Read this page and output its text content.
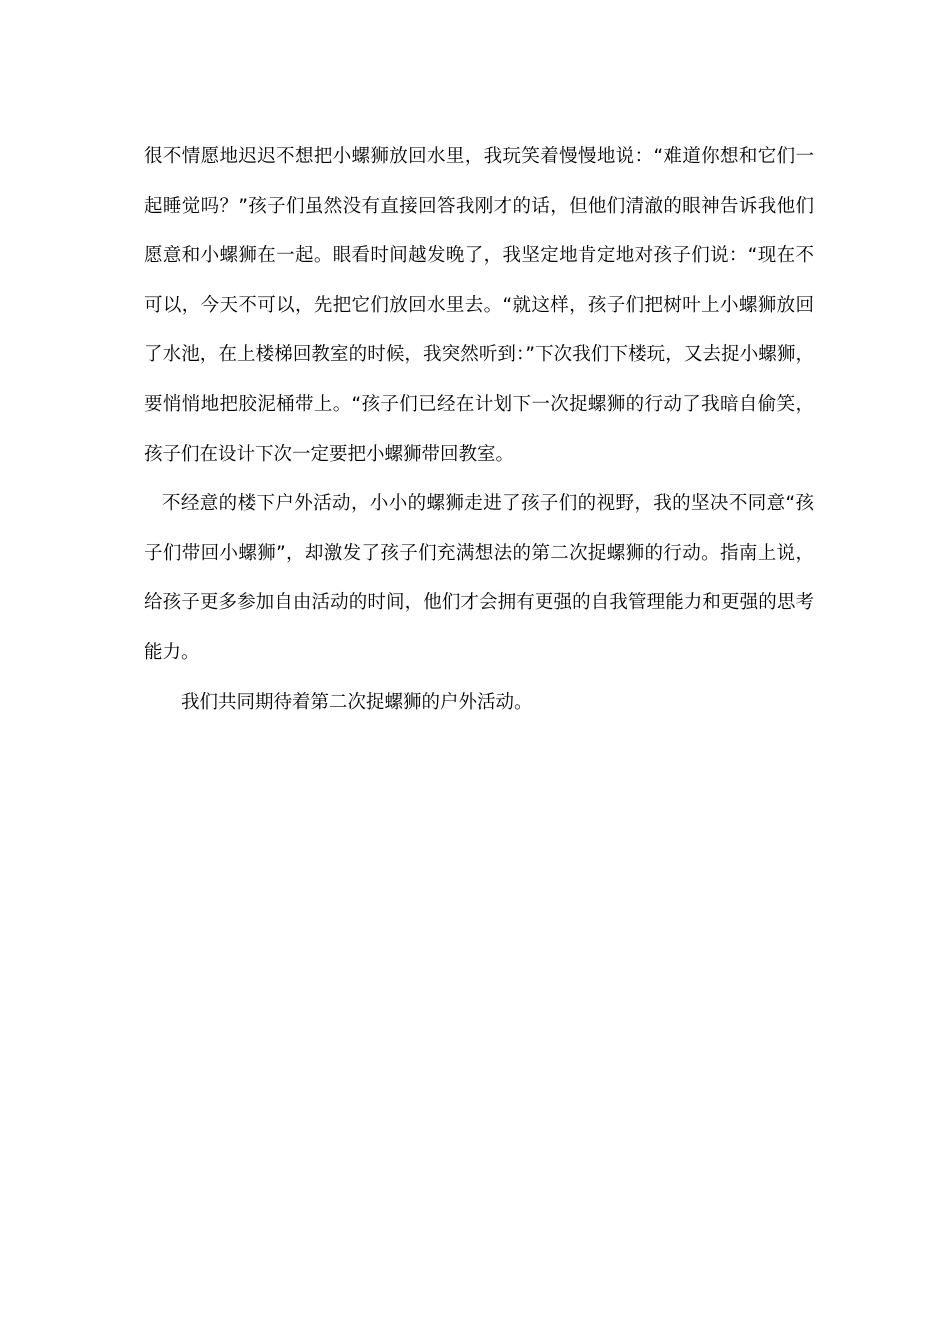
很不情愿地迟迟不想把小螺狮放回水里，我玩笑着慢慢地说：“难道你想和它们一起睡觉吗？”孩子们虽然没有直接回答我刚才的话，但他们清澈的眼神告诉我他们愿意和小螺狮在一起。眼看时间越发晚了，我坚定地肯定地对孩子们说：“现在不可以，今天不可以，先把它们放回水里去。“就这样，孩子们把树叶上小螺狮放回了水池，在上楼梯回教室的时候，我突然听到：”下次我们下楼玩，又去捉小螺狮，要悄悄地把胶泥桶带上。“孩子们已经在计划下一次捉螺狮的行动了我暗自偷笑，孩子们在设计下次一定要把小螺狮带回教室。

不经意的楼下户外活动，小小的螺狮走进了孩子们的视野，我的坚决不同意“孩子们带回小螺狮”，却激发了孩子们充满想法的第二次捉螺狮的行动。指南上说，给孩子更多参加自由活动的时间，他们才会拥有更强的自我管理能力和更强的思考能力。

我们共同期待着第二次捉螺狮的户外活动。
